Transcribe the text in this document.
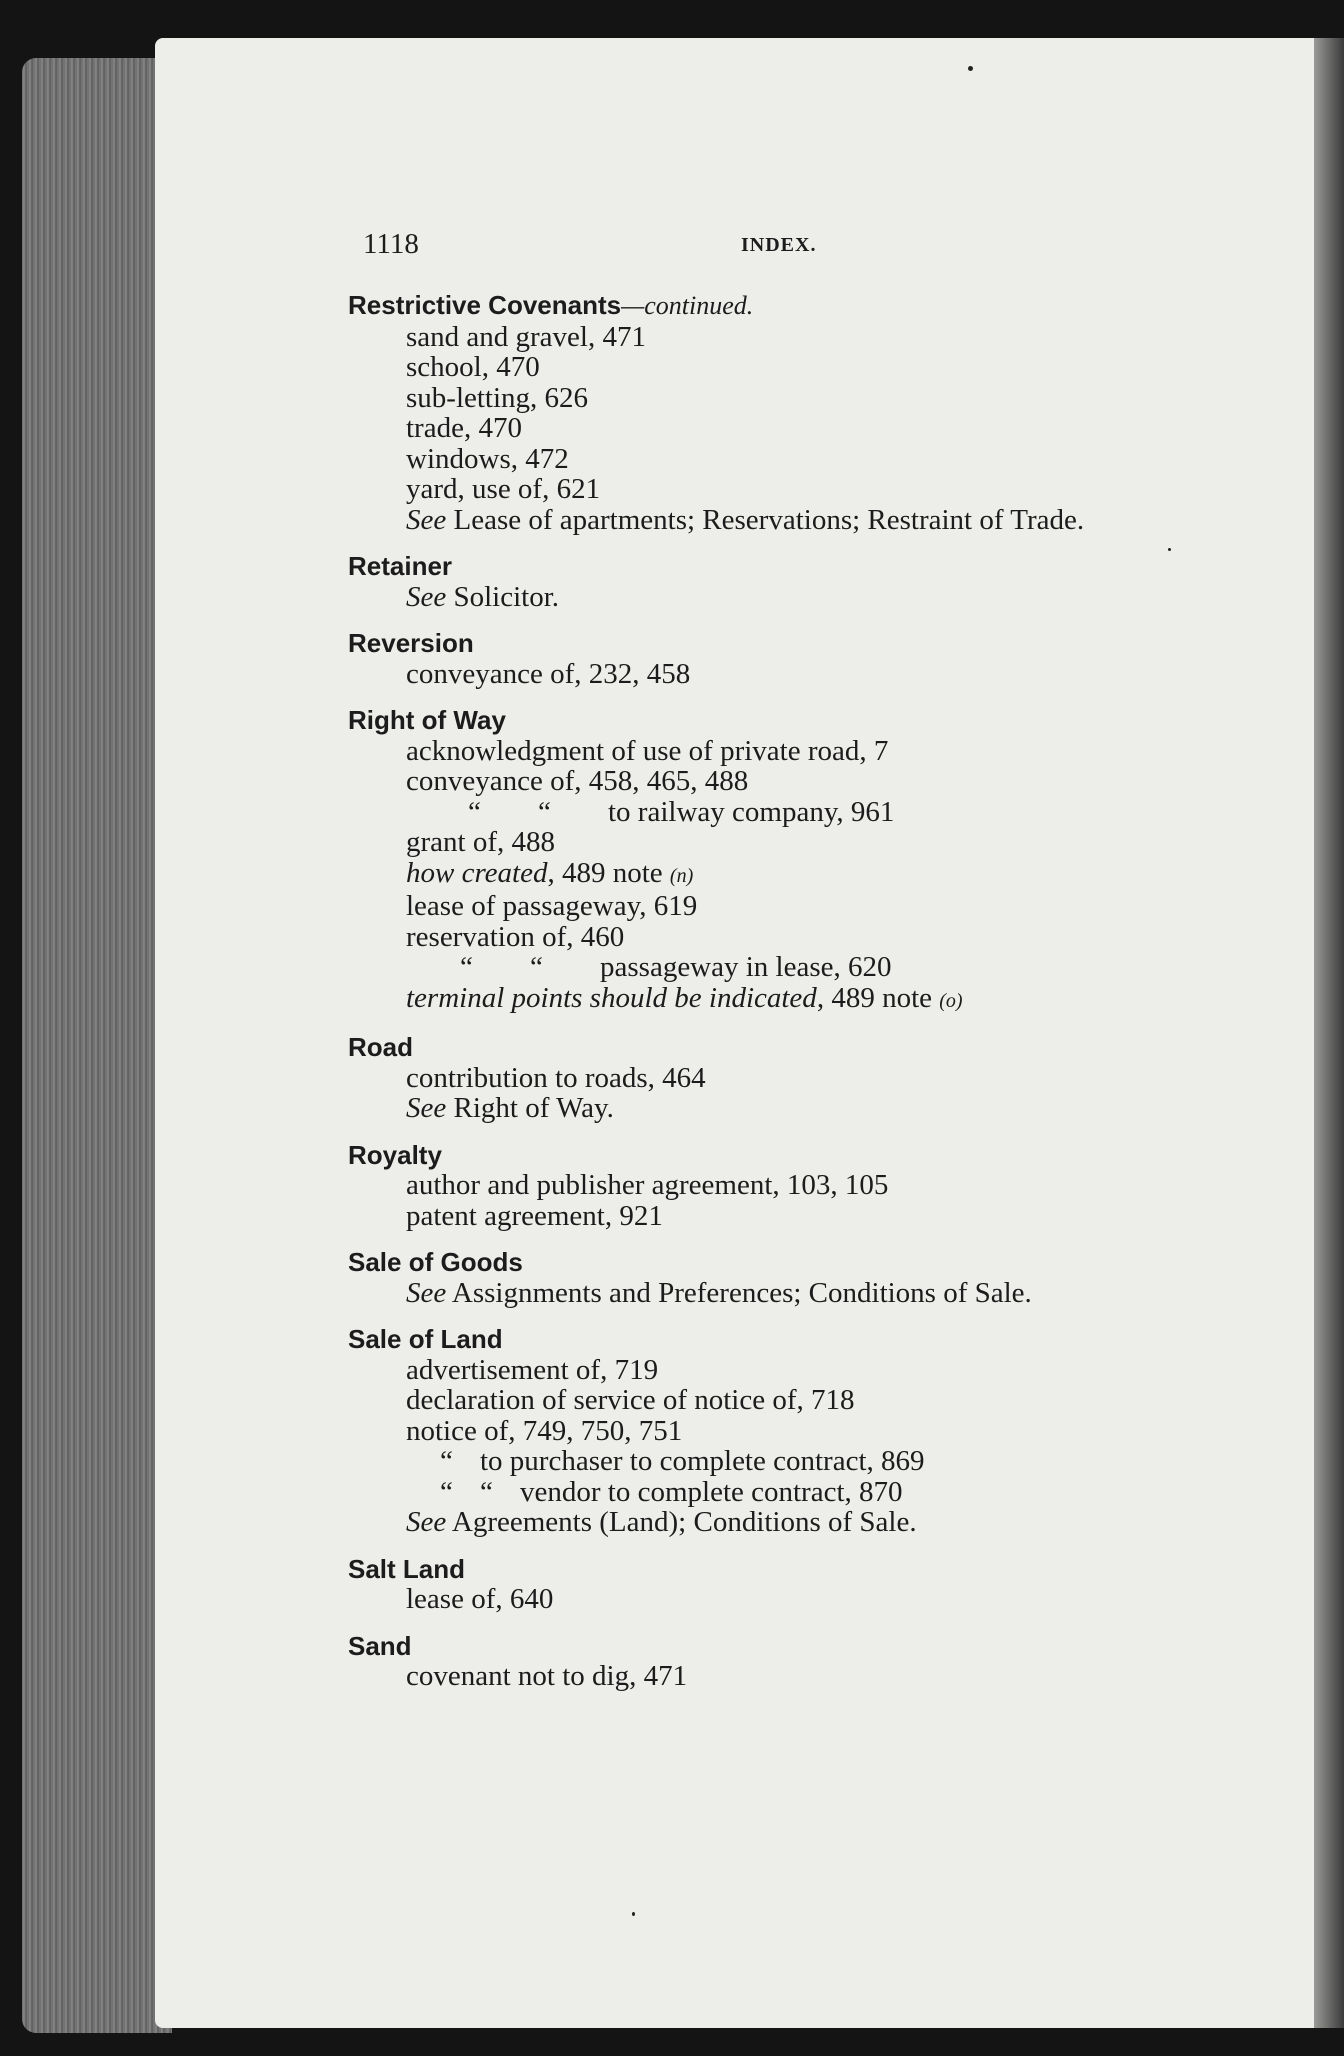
1118	INDEX.
Restrictive Covenants—continued.
sand and gravel, 471
school, 470
sub-letting, 626
trade, 470
windows, 472
yard, use of, 621
See Lease of apartments; Reservations; Restraint of Trade.
Retainer
See Solicitor.
Reversion
conveyance of, 232, 458
Right of Way
acknowledgment of use of private road, 7
conveyance of, 458, 465, 488
“ “ to railway company, 961
grant of, 488
how created, 489 note (n)
lease of passageway, 619
reservation of, 460
“ “ passageway in lease, 620
terminal points should be indicated, 489 note (o)
Road
contribution to roads, 464
See Right of Way.
Royalty
author and publisher agreement, 103, 105
patent agreement, 921
Sale of Goods
See Assignments and Preferences; Conditions of Sale.
Sale of Land
advertisement of, 719
declaration of service of notice of, 718
notice of, 749, 750, 751
“ to purchaser to complete contract, 869
“ “ vendor to complete contract, 870
See Agreements (Land); Conditions of Sale.
Salt Land
lease of, 640
Sand
covenant not to dig, 471
